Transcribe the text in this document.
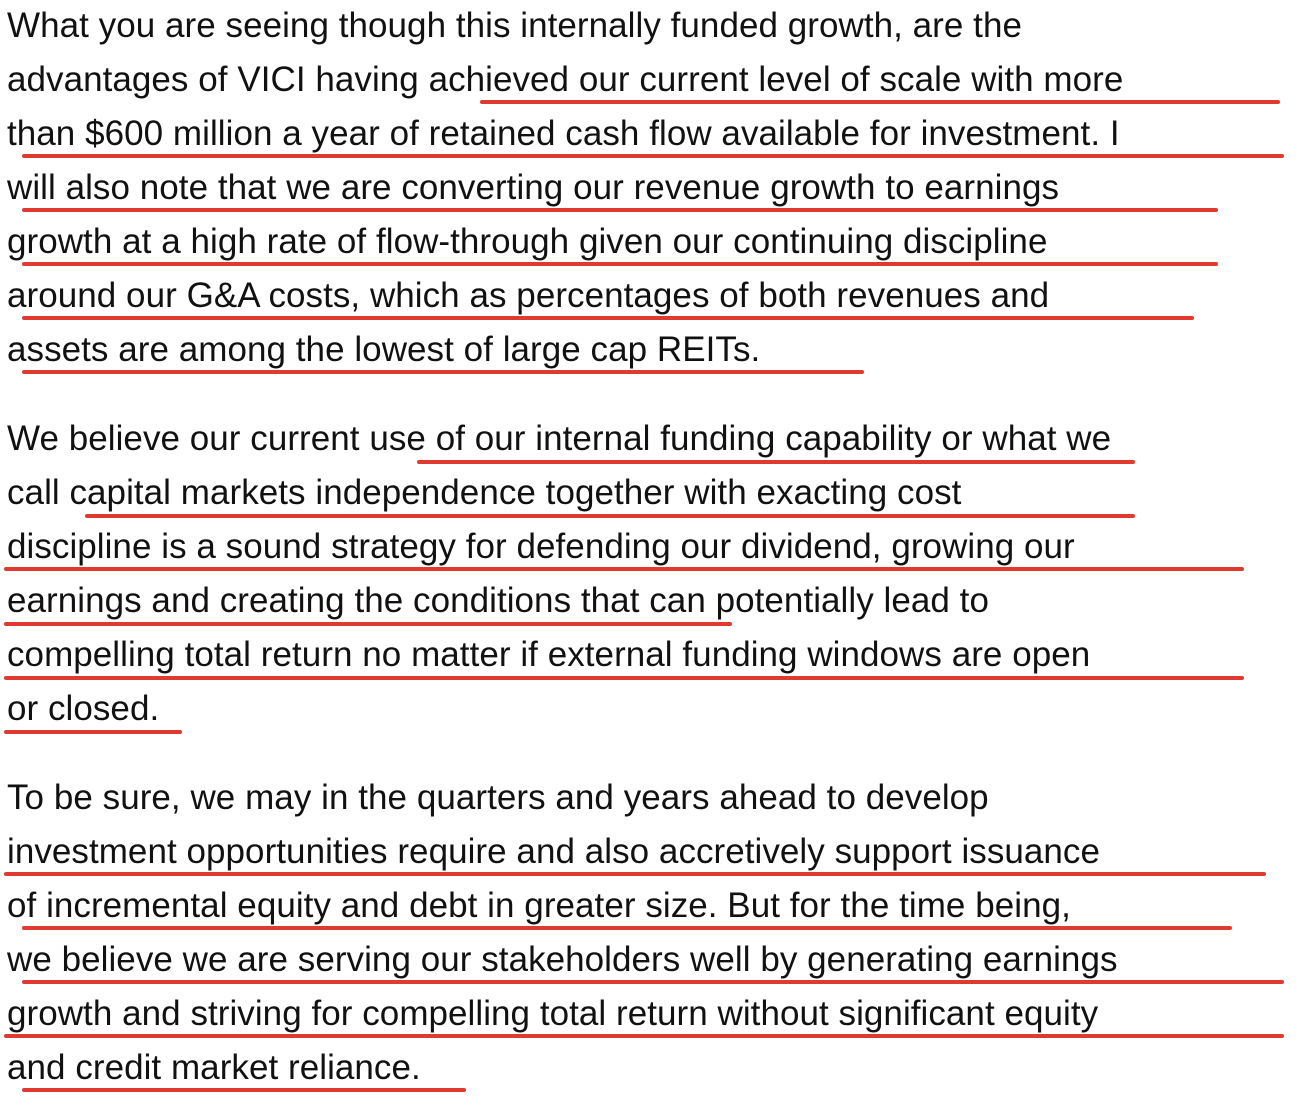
What you are seeing though this internally funded growth, are the
advantages of VICI having achieved our current level of scale with more
than $600 million a year of retained cash flow available for investment. I
will also note that we are converting our revenue growth to earnings
growth at a high rate of flow-through given our continuing discipline
around our G&A costs, which as percentages of both revenues and
assets are among the lowest of large cap REITs.
We believe our current use of our internal funding capability or what we
call capital markets independence together with exacting cost
discipline is a sound strategy for defending our dividend, growing our
earnings and creating the conditions that can potentially lead to
compelling total return no matter if external funding windows are open
or closed.
To be sure, we may in the quarters and years ahead to develop
investment opportunities require and also accretively support issuance
of incremental equity and debt in greater size. But for the time being,
we believe we are serving our stakeholders well by generating earnings
growth and striving for compelling total return without significant equity
and credit market reliance.
